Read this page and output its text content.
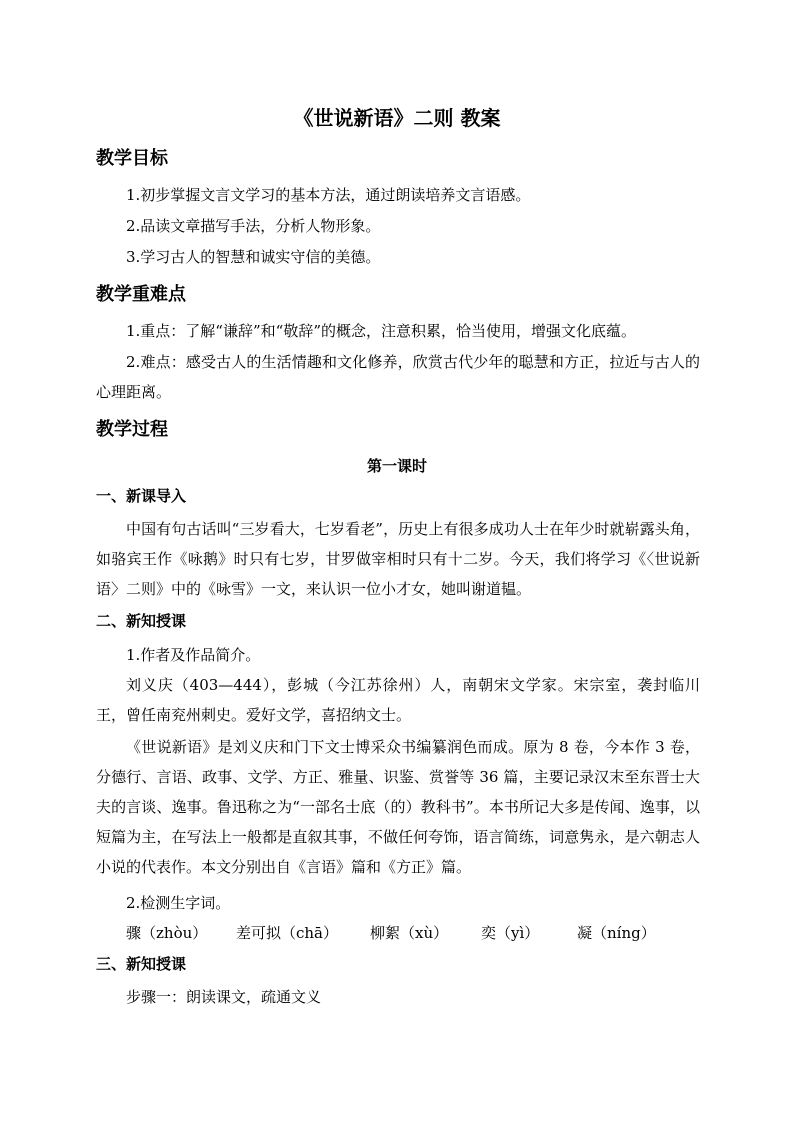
《世说新语》二则 教案
教学目标
1.初步掌握文言文学习的基本方法，通过朗读培养文言语感。
2.品读文章描写手法，分析人物形象。
3.学习古人的智慧和诚实守信的美德。
教学重难点
1.重点：了解“谦辞”和“敬辞”的概念，注意积累，恰当使用，增强文化底蕴。
2.难点：感受古人的生活情趣和文化修养，欣赏古代少年的聪慧和方正，拉近与古人的心理距离。
教学过程
第一课时
一、新课导入
中国有句古话叫“三岁看大，七岁看老”，历史上有很多成功人士在年少时就崭露头角，如骆宾王作《咏鹅》时只有七岁，甘罗做宰相时只有十二岁。今天，我们将学习《〈世说新语〉二则》中的《咏雪》一文，来认识一位小才女，她叫谢道韫。
二、新知授课
1.作者及作品简介。
刘义庆（403—444），彭城（今江苏徐州）人，南朝宋文学家。宋宗室，袭封临川王，曾任南兖州刺史。爱好文学，喜招纳文士。
《世说新语》是刘义庆和门下文士博采众书编纂润色而成。原为 8 卷，今本作 3 卷，分德行、言语、政事、文学、方正、雅量、识鉴、赏誉等 36 篇，主要记录汉末至东晋士大夫的言谈、逸事。鲁迅称之为“一部名士底（的）教科书”。本书所记大多是传闻、逸事，以短篇为主，在写法上一般都是直叙其事，不做任何夸饰，语言简练，词意隽永，是六朝志人小说的代表作。本文分别出自《言语》篇和《方正》篇。
2.检测生字词。
骤（zhòu） 差可拟（chā） 柳絮（xù） 奕（yì）	凝（níng）
三、新知授课
步骤一：朗读课文，疏通文义
